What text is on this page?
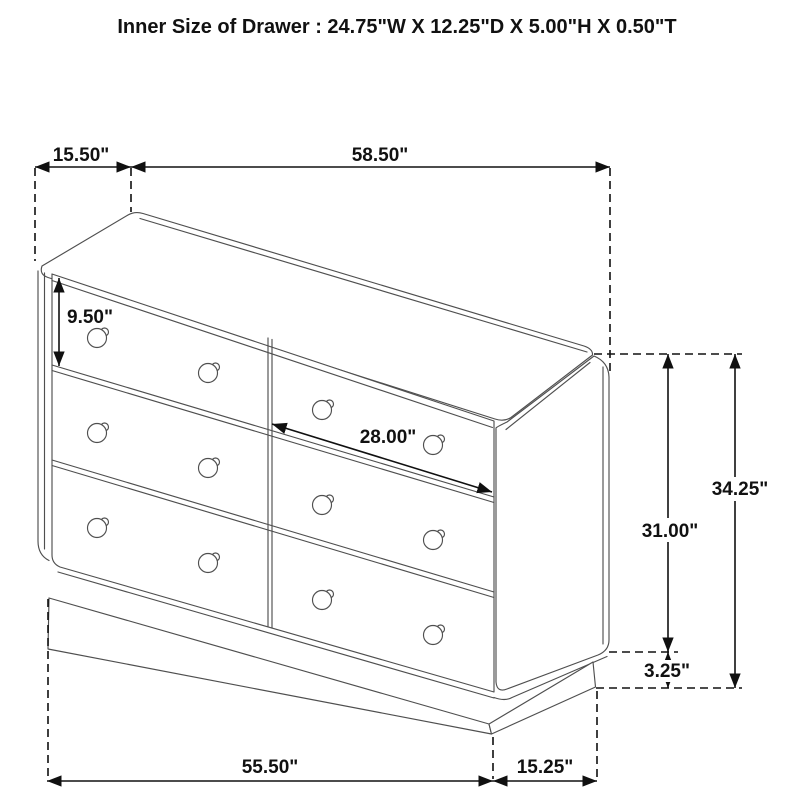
Inner Size of Drawer : 24.75"W X 12.25"D X 5.00"H X 0.50"T
15.50"	58.50"
9.50"
28.00"
31.00"
34.25"
3.25"
55.50"	15.25"
